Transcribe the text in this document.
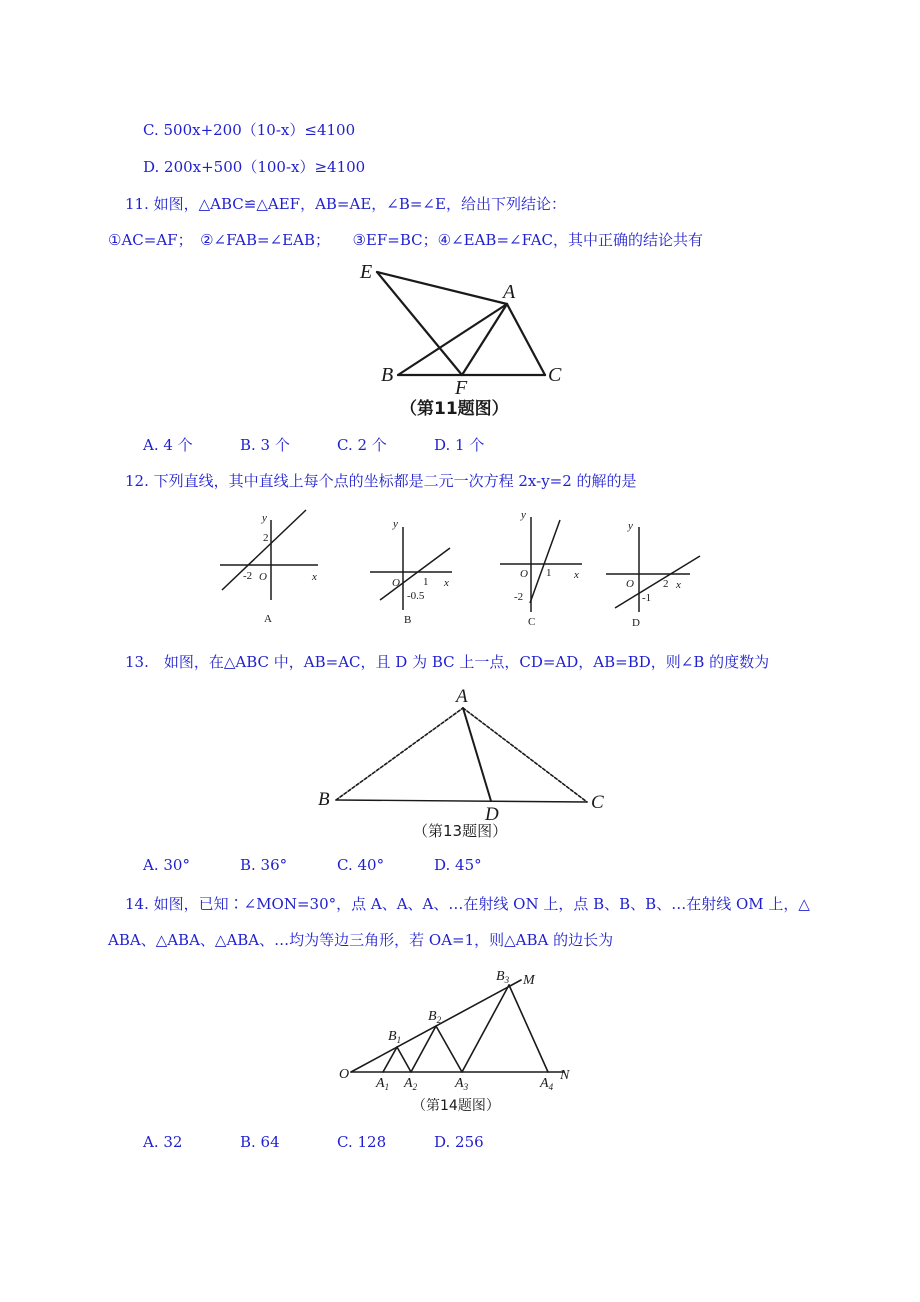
C. 500x+200（10-x）≤4100
D. 200x+500（100-x）≥4100
11. 如图，△ABC≌△AEF，AB=AE，∠B=∠E，给出下列结论：
①AC=AF；　②∠FAB=∠EAB；　　③EF=BC；④∠EAB=∠FAC，其中正确的结论共有
E
A
B
F
C
（第11题图）
A. 4 个	B. 3 个	C. 2 个	D. 1 个
12. 下列直线，其中直线上每个点的坐标都是二元一次方程 2x-y=2 的解的是
y
2
-2 O	x
A
y
O 1
-0.5
x
B
y
O 1
-2
x
C
y
O	2
-1
x
D
13.　如图，在△ABC 中，AB=AC，且 D 为 BC 上一点，CD=AD，AB=BD，则∠B 的度数为
A
B
D
C
（第13题图）
A. 30°	B. 36°	C. 40°	D. 45°
14. 如图，已知∶∠MON=30°，点 A、A、A、…在射线 ON 上，点 B、B、B、…在射线 OM 上，△
ABA、△ABA、△ABA、…均为等边三角形，若 OA=1，则△ABA 的边长为
O
M
N
$A_1$ $A_2$	$A_3$	$A_4$
$B_1$
$B_2$
$B_3$
（第14题图）
A. 32	B. 64	C. 128	D. 256
